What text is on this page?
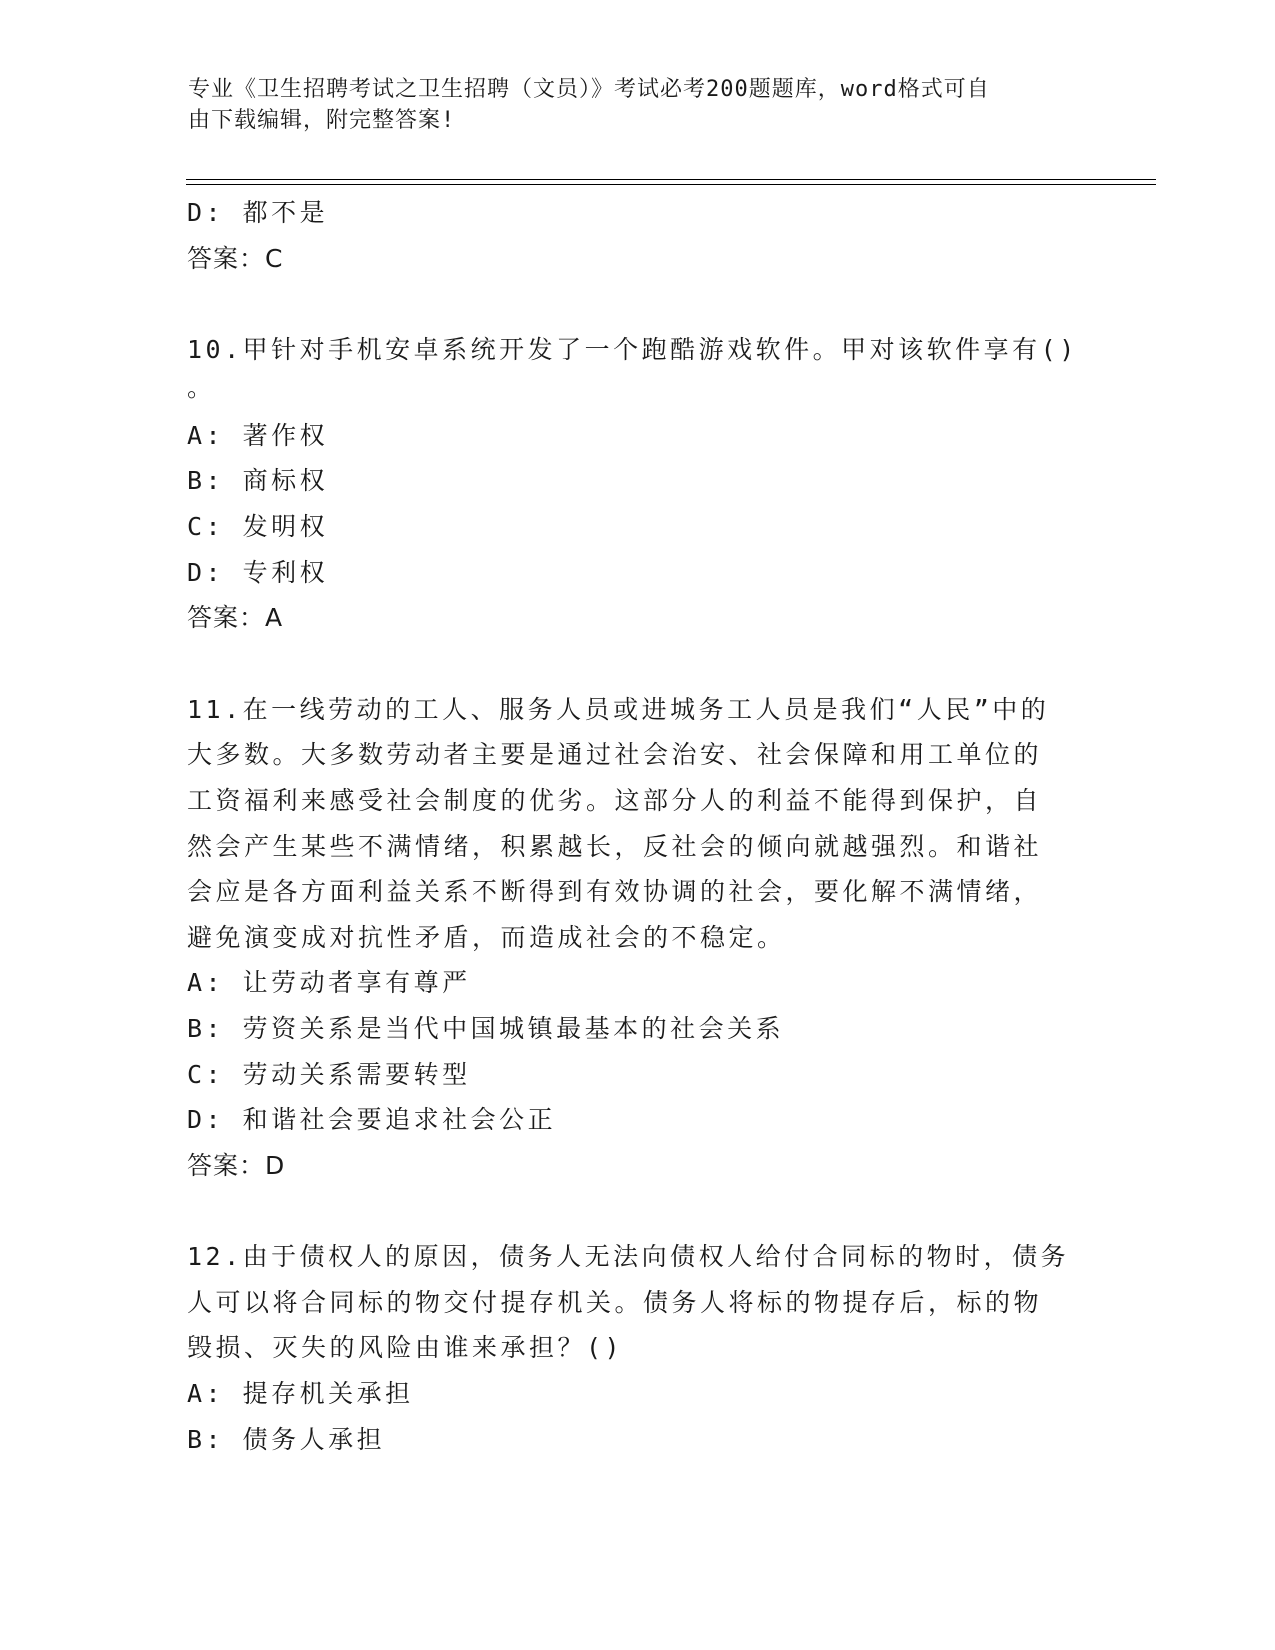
专业《卫生招聘考试之卫生招聘（文员）》考试必考200题题库，word格式可自
由下载编辑，附完整答案!
D: 都不是
答案：C
10.甲针对手机安卓系统开发了一个跑酷游戏软件。甲对该软件享有()
。
A: 著作权
B: 商标权
C: 发明权
D: 专利权
答案：A
11.在一线劳动的工人、服务人员或进城务工人员是我们“人民”中的
大多数。大多数劳动者主要是通过社会治安、社会保障和用工单位的
工资福利来感受社会制度的优劣。这部分人的利益不能得到保护，自
然会产生某些不满情绪，积累越长，反社会的倾向就越强烈。和谐社
会应是各方面利益关系不断得到有效协调的社会，要化解不满情绪，
避免演变成对抗性矛盾，而造成社会的不稳定。
A: 让劳动者享有尊严
B: 劳资关系是当代中国城镇最基本的社会关系
C: 劳动关系需要转型
D: 和谐社会要追求社会公正
答案：D
12.由于债权人的原因，债务人无法向债权人给付合同标的物时，债务
人可以将合同标的物交付提存机关。债务人将标的物提存后，标的物
毁损、灭失的风险由谁来承担？()
A: 提存机关承担
B: 债务人承担
